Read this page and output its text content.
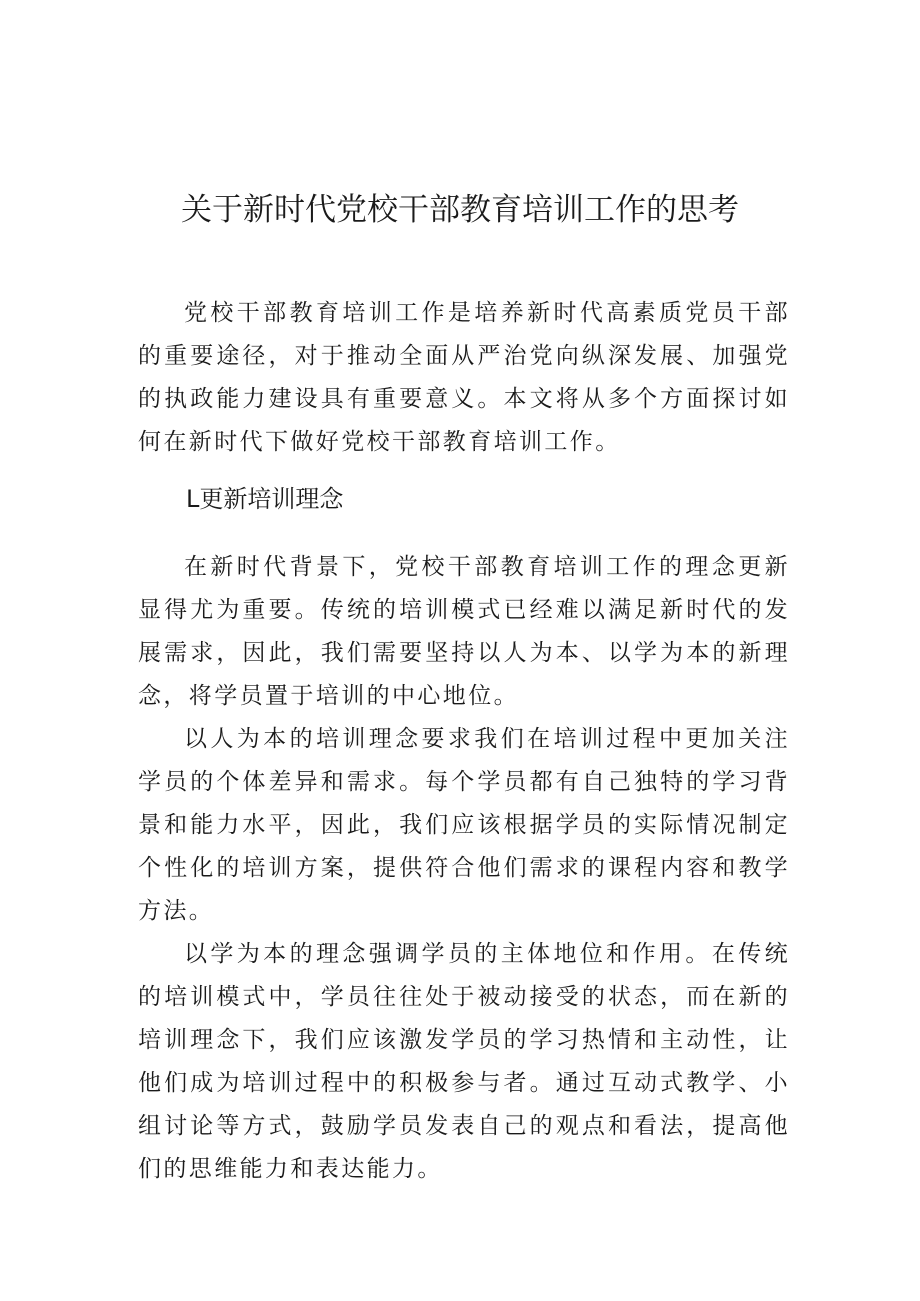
关于新时代党校干部教育培训工作的思考

党校干部教育培训工作是培养新时代高素质党员干部的重要途径，对于推动全面从严治党向纵深发展、加强党的执政能力建设具有重要意义。本文将从多个方面探讨如何在新时代下做好党校干部教育培训工作。

L更新培训理念

在新时代背景下，党校干部教育培训工作的理念更新显得尤为重要。传统的培训模式已经难以满足新时代的发展需求，因此，我们需要坚持以人为本、以学为本的新理念，将学员置于培训的中心地位。

以人为本的培训理念要求我们在培训过程中更加关注学员的个体差异和需求。每个学员都有自己独特的学习背景和能力水平，因此，我们应该根据学员的实际情况制定个性化的培训方案，提供符合他们需求的课程内容和教学方法。

以学为本的理念强调学员的主体地位和作用。在传统的培训模式中，学员往往处于被动接受的状态，而在新的培训理念下，我们应该激发学员的学习热情和主动性，让他们成为培训过程中的积极参与者。通过互动式教学、小组讨论等方式，鼓励学员发表自己的观点和看法，提高他们的思维能力和表达能力。
